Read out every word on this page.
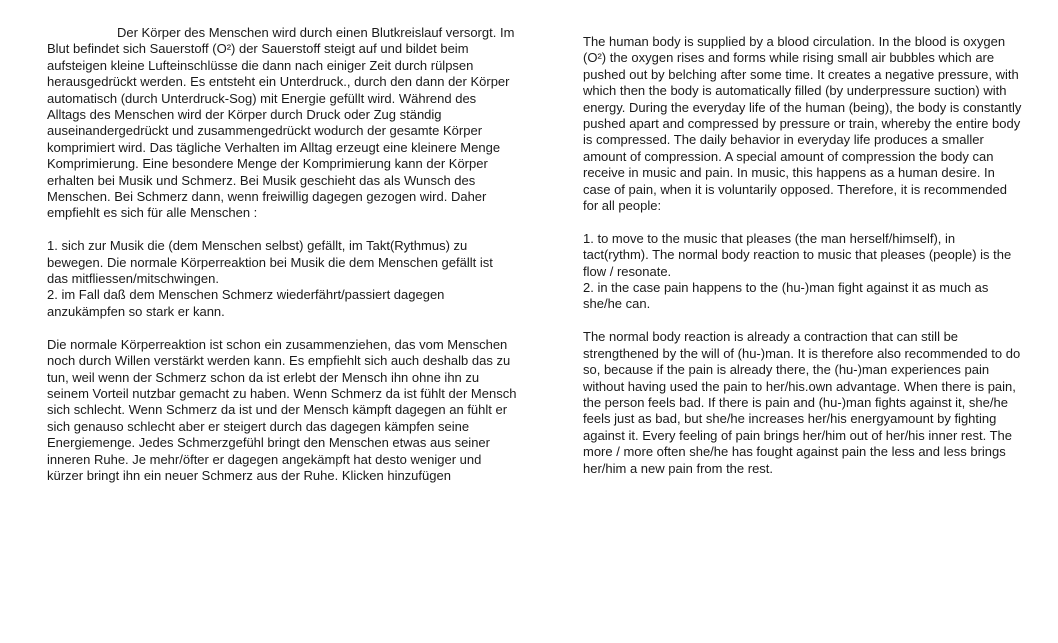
Der Körper des Menschen wird durch einen Blutkreislauf versorgt. Im Blut befindet sich Sauerstoff (O²) der Sauerstoff steigt auf und bildet beim aufsteigen kleine Lufteinschlüsse die dann nach einiger Zeit durch rülpsen herausgedrückt werden. Es entsteht ein Unterdruck., durch den dann der Körper automatisch (durch Unterdruck-Sog) mit Energie gefüllt wird. Während des Alltags des Menschen wird der Körper durch Druck oder Zug ständig auseinandergedrückt und zusammengedrückt wodurch der gesamte Körper komprimiert wird. Das tägliche Verhalten im Alltag erzeugt eine kleinere Menge Komprimierung. Eine besondere Menge der Komprimierung kann der Körper erhalten bei Musik und Schmerz. Bei Musik geschieht das als Wunsch des Menschen. Bei Schmerz dann, wenn freiwillig dagegen gezogen wird. Daher empfiehlt es sich für alle Menschen :

1. sich zur Musik die (dem Menschen selbst) gefällt, im Takt(Rythmus) zu bewegen. Die normale Körperreaktion bei Musik die dem Menschen gefällt ist das mitfliessen/mitschwingen.

2. im Fall daß dem Menschen Schmerz wiederfährt/passiert dagegen anzukämpfen so stark er kann.

Die normale Körperreaktion ist schon ein zusammenziehen, das vom Menschen noch durch Willen verstärkt werden kann. Es empfiehlt sich auch deshalb das zu tun, weil wenn der Schmerz schon da ist erlebt der Mensch ihn ohne ihn zu seinem Vorteil nutzbar gemacht zu haben. Wenn Schmerz da ist fühlt der Mensch sich schlecht. Wenn Schmerz da ist und der Mensch kämpft dagegen an fühlt er sich genauso schlecht aber er steigert durch das dagegen kämpfen seine Energiemenge. Jedes Schmerzgefühl bringt den Menschen etwas aus seiner inneren Ruhe. Je mehr/öfter er dagegen angekämpft hat desto weniger und kürzer bringt ihn ein neuer Schmerz aus der Ruhe. Klicken hinzufügen

The human body is supplied by a blood circulation. In the blood is oxygen (O²) the oxygen rises and forms while rising small air bubbles which are pushed out by belching after some time. It creates a negative pressure, with which then the body is automatically filled (by underpressure suction) with energy. During the everyday life of the human (being), the body is constantly pushed apart and compressed by pressure or train, whereby the entire body is compressed. The daily behavior in everyday life produces a smaller amount of compression. A special amount of compression the body can receive in music and pain. In music, this happens as a human desire. In case of pain, when it is voluntarily opposed. Therefore, it is recommended for all people:

1. to move to the music that pleases (the man herself/himself), in tact(rythm). The normal body reaction to music that pleases (people) is the flow / resonate.

2. in the case pain happens to the (hu-)man fight against it as much as she/he can.

The normal body reaction is already a contraction that can still be strengthened by the will of (hu-)man. It is therefore also recommended to do so, because if the pain is already there, the (hu-)man experiences pain without having used the pain to her/his.own advantage. When there is pain, the person feels bad. If there is pain and (hu-)man fights against it, she/he feels just as bad, but she/he increases her/his energyamount by fighting against it. Every feeling of pain brings her/him out of her/his inner rest. The more / more often she/he has fought against pain the less and less brings her/him a new pain from the rest.
